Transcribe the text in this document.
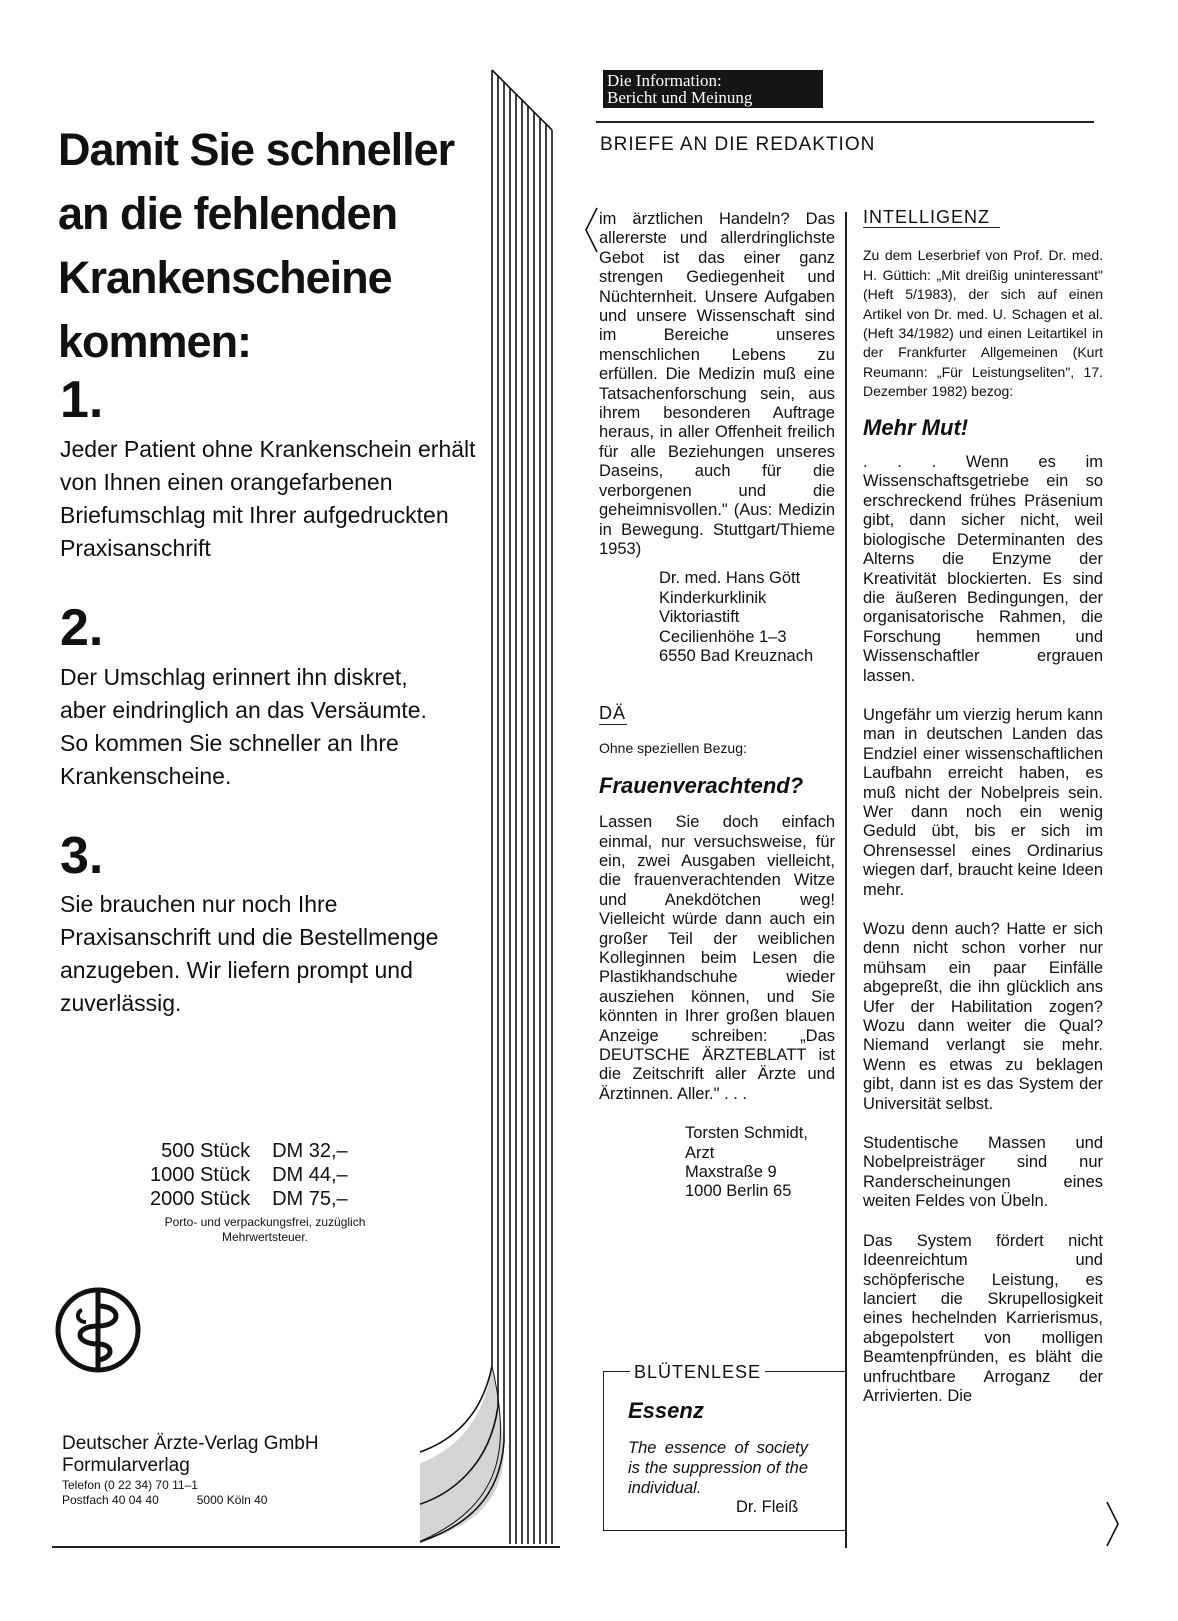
Damit Sie schneller an die fehlenden Krankenscheine kommen:
1.
Jeder Patient ohne Krankenschein erhält von Ihnen einen orangefarbenen Briefumschlag mit Ihrer aufgedruckten Praxisanschrift
2.
Der Umschlag erinnert ihn diskret, aber eindringlich an das Versäumte. So kommen Sie schneller an Ihre Krankenscheine.
3.
Sie brauchen nur noch Ihre Praxisanschrift und die Bestellmenge anzugeben. Wir liefern prompt und zuverlässig.
500 Stück	DM 32,–
1000 Stück	DM 44,–
2000 Stück	DM 75,–
Porto- und verpackungsfrei, zuzüglich Mehrwertsteuer.
Deutscher Ärzte-Verlag GmbH
Formularverlag
Telefon (0 22 34) 70 11–1
Postfach 40 04 40	5000 Köln 40
Die Information:
Bericht und Meinung
BRIEFE AN DIE REDAKTION

im ärztlichen Handeln? Das allererste und allerdringlichste Gebot ist das einer ganz strengen Gediegenheit und Nüchternheit. Unsere Aufgaben und unsere Wissenschaft sind im Bereiche unseres menschlichen Lebens zu erfüllen. Die Medizin muß eine Tatsachenforschung sein, aus ihrem besonderen Auftrage heraus, in aller Offenheit freilich für alle Beziehungen unseres Daseins, auch für die verborgenen und die geheimnisvollen." (Aus: Medizin in Bewegung. Stuttgart/Thieme 1953)

Dr. med. Hans Gött
Kinderkurklinik
Viktoriastift
Cecilienhöhe 1–3
6550 Bad Kreuznach
DÄ
Ohne speziellen Bezug:
Frauenverachtend?

Lassen Sie doch einfach einmal, nur versuchsweise, für ein, zwei Ausgaben vielleicht, die frauenverachtenden Witze und Anekdötchen weg! Vielleicht würde dann auch ein großer Teil der weiblichen Kolleginnen beim Lesen die Plastikhandschuhe wieder ausziehen können, und Sie könnten in Ihrer großen blauen Anzeige schreiben: „Das DEUTSCHE ÄRZTEBLATT ist die Zeitschrift aller Ärzte und Ärztinnen. Aller." . . .

Torsten Schmidt,
Arzt
Maxstraße 9
1000 Berlin 65
BLÜTENLESE
Essenz
The essence of society is the suppression of the individual.
Dr. Fleiß
INTELLIGENZ
Zu dem Leserbrief von Prof. Dr. med. H. Güttich: „Mit dreißig uninteressant" (Heft 5/1983), der sich auf einen Artikel von Dr. med. U. Schagen et al. (Heft 34/1982) und einen Leitartikel in der Frankfurter Allgemeinen (Kurt Reumann: „Für Leistungseliten", 17. Dezember 1982) bezog:
Mehr Mut!

. . . Wenn es im Wissenschaftsgetriebe ein so erschreckend frühes Präsenium gibt, dann sicher nicht, weil biologische Determinanten des Alterns die Enzyme der Kreativität blockierten. Es sind die äußeren Bedingungen, der organisatorische Rahmen, die Forschung hemmen und Wissenschaftler ergrauen lassen.

Ungefähr um vierzig herum kann man in deutschen Landen das Endziel einer wissenschaftlichen Laufbahn erreicht haben, es muß nicht der Nobelpreis sein. Wer dann noch ein wenig Geduld übt, bis er sich im Ohrensessel eines Ordinarius wiegen darf, braucht keine Ideen mehr.

Wozu denn auch? Hatte er sich denn nicht schon vorher nur mühsam ein paar Einfälle abgepreßt, die ihn glücklich ans Ufer der Habilitation zogen? Wozu dann weiter die Qual? Niemand verlangt sie mehr. Wenn es etwas zu beklagen gibt, dann ist es das System der Universität selbst.

Studentische Massen und Nobelpreisträger sind nur Randerscheinungen eines weiten Feldes von Übeln.

Das System fördert nicht Ideenreichtum und schöpferische Leistung, es lanciert die Skrupellosigkeit eines hechelnden Karrierismus, abgepolstert von molligen Beamtenpfründen, es bläht die unfruchtbare Arroganz der Arrivierten. Die
